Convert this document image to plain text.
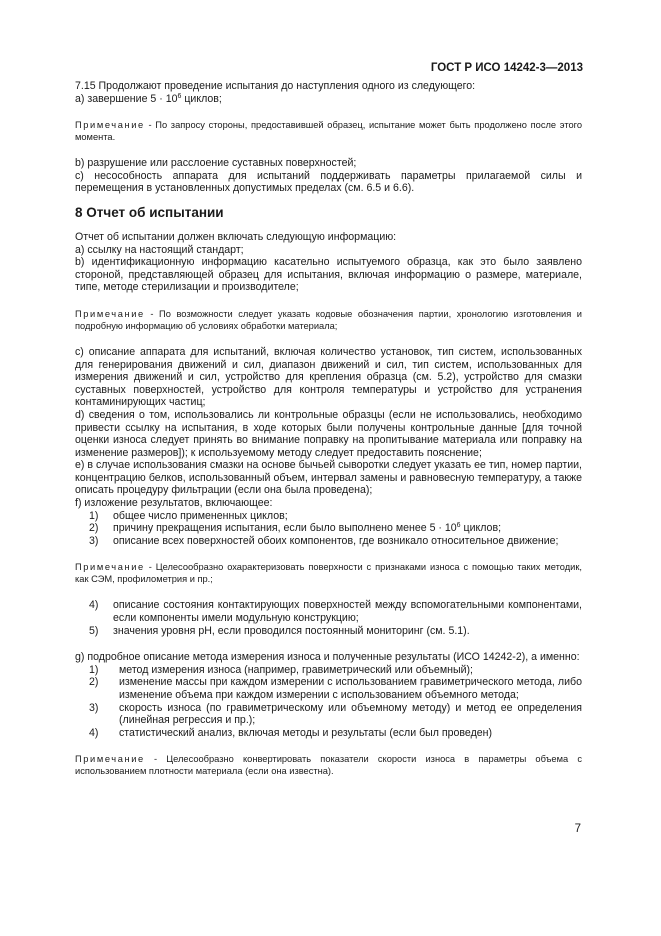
ГОСТ Р ИСО 14242-3—2013

7.15 Продолжают проведение испытания до наступления одного из следующего:

а) завершение $5 \cdot 10^6$ циклов;

Примечание - По запросу стороны, предоставившей образец, испытание может быть продолжено после этого момента.

b) разрушение или расслоение суставных поверхностей;

c) несособность аппарата для испытаний поддерживать параметры прилагаемой силы и перемещения в установленных допустимых пределах (см. 6.5 и 6.6).

8 Отчет об испытании

Отчет об испытании должен включать следующую информацию:

а) ссылку на настоящий стандарт;

b) идентификационную информацию касательно испытуемого образца, как это было заявлено стороной, представляющей образец для испытания, включая информацию о размере, материале, типе, методе стерилизации и производителе;

Примечание - По возможности следует указать кодовые обозначения партии, хронологию изготовления и подробную информацию об условиях обработки материала;

c) описание аппарата для испытаний, включая количество установок, тип систем, использованных для генерирования движений и сил, диапазон движений и сил, тип систем, использованных для измерения движений и сил, устройство для крепления образца (см. 5.2), устройство для смазки суставных поверхностей, устройство для контроля температуры и устройство для устранения контаминирующих частиц;

d) сведения о том, использовались ли контрольные образцы (если не использовались, необходимо привести ссылку на испытания, в ходе которых были получены контрольные данные [для точной оценки износа следует принять во внимание поправку на пропитывание материала или поправку на изменение размеров]); к используемому методу следует предоставить пояснение;

e) в случае использования смазки на основе бычьей сыворотки следует указать ее тип, номер партии, концентрацию белков, использованный объем, интервал замены и равновесную температуру, а также описать процедуру фильтрации (если она была проведена);

f) изложение результатов, включающее:

1)	общее число примененных циклов;
2)	причину прекращения испытания, если было выполнено менее $5 \cdot 10^6$ циклов;
3)	описание всех поверхностей обоих компонентов, где возникало относительное движение;

Примечание - Целесообразно охарактеризовать поверхности с признаками износа с помощью таких методик, как СЭМ, профилометрия и пр.;

4)	описание состояния контактирующих поверхностей между вспомогательными компонентами, если компоненты имели модульную конструкцию;
5)	значения уровня pH, если проводился постоянный мониторинг (см. 5.1).

g) подробное описание метода измерения износа и полученные результаты (ИСО 14242-2), а именно:

1)	метод измерения износа (например, гравиметрический или объемный);
2)	изменение массы при каждом измерении с использованием гравиметрического метода, либо изменение объема при каждом измерении с использованием объемного метода;
3)	скорость износа (по гравиметрическому или объемному методу) и метод ее определения (линейная регрессия и пр.);
4)	статистический анализ, включая методы и результаты (если был проведен)

Примечание - Целесообразно конвертировать показатели скорости износа в параметры объема с использованием плотности материала (если она известна).

7
